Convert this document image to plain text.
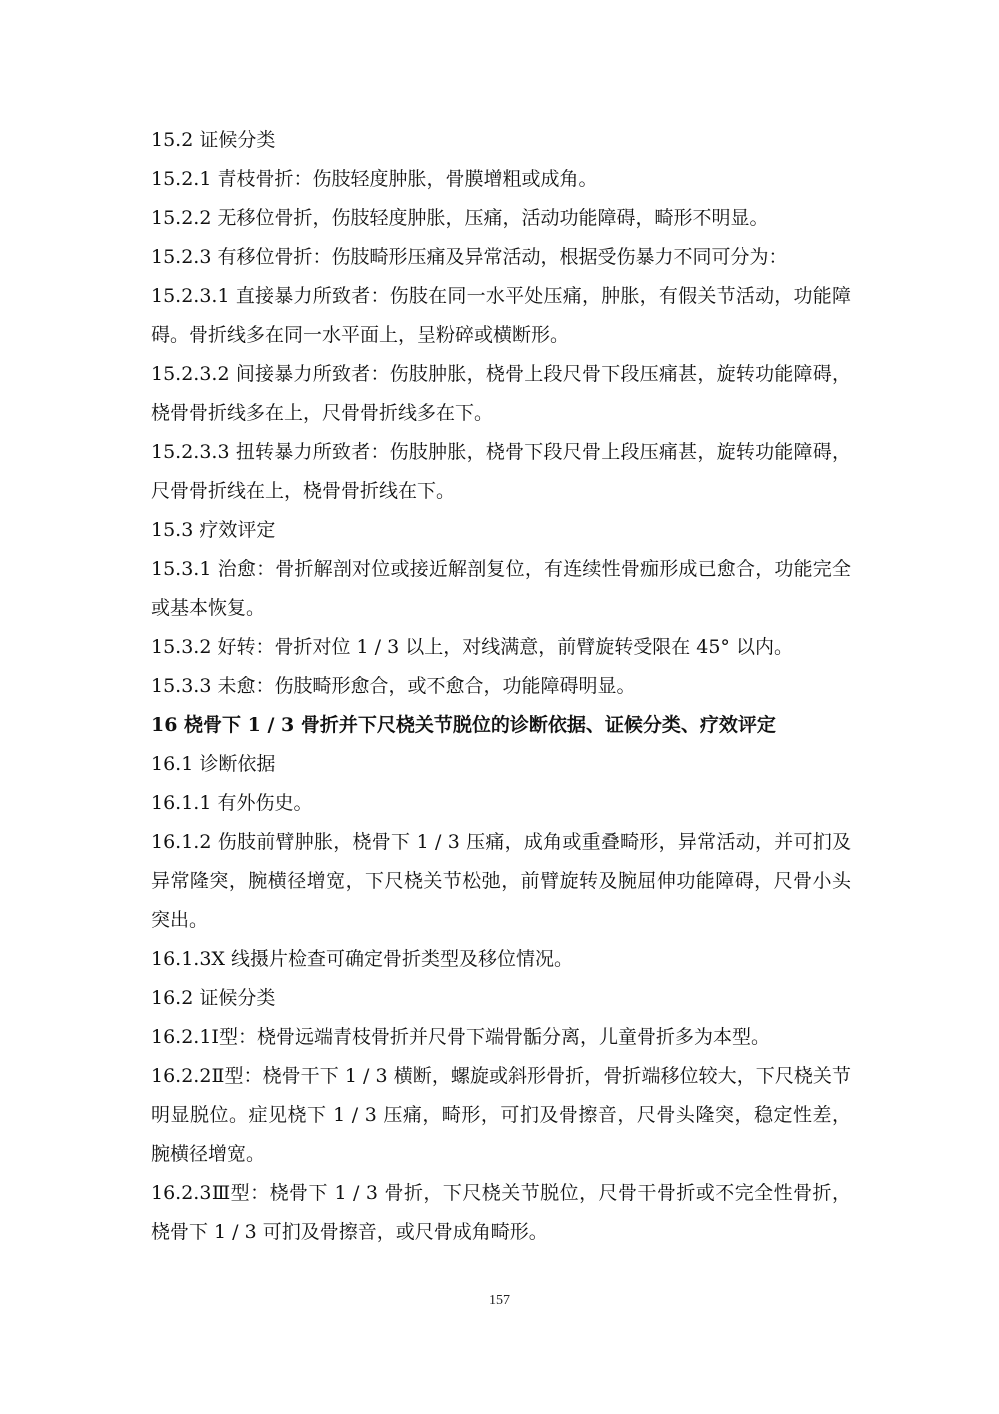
15.2 证候分类

15.2.1 青枝骨折：伤肢轻度肿胀，骨膜增粗或成角。

15.2.2 无移位骨折，伤肢轻度肿胀，压痛，活动功能障碍，畸形不明显。

15.2.3 有移位骨折：伤肢畸形压痛及异常活动，根据受伤暴力不同可分为：

15.2.3.1 直接暴力所致者：伤肢在同一水平处压痛，肿胀，有假关节活动，功能障碍。骨折线多在同一水平面上，呈粉碎或横断形。

15.2.3.2 间接暴力所致者：伤肢肿胀，桡骨上段尺骨下段压痛甚，旋转功能障碍，桡骨骨折线多在上，尺骨骨折线多在下。

15.2.3.3 扭转暴力所致者：伤肢肿胀，桡骨下段尺骨上段压痛甚，旋转功能障碍，尺骨骨折线在上，桡骨骨折线在下。

15.3 疗效评定

15.3.1 治愈：骨折解剖对位或接近解剖复位，有连续性骨痂形成已愈合，功能完全或基本恢复。

15.3.2 好转：骨折对位 1 / 3 以上，对线满意，前臂旋转受限在 45° 以内。

15.3.3 未愈：伤肢畸形愈合，或不愈合，功能障碍明显。

16 桡骨下 1 / 3 骨折并下尺桡关节脱位的诊断依据、证候分类、疗效评定

16.1 诊断依据

16.1.1 有外伤史。

16.1.2 伤肢前臂肿胀，桡骨下 1 / 3 压痛，成角或重叠畸形，异常活动，并可扪及异常隆突，腕横径增宽，下尺桡关节松弛，前臂旋转及腕屈伸功能障碍，尺骨小头突出。

16.1.3X 线摄片检查可确定骨折类型及移位情况。

16.2 证候分类

16.2.1Ⅰ型：桡骨远端青枝骨折并尺骨下端骨骺分离，儿童骨折多为本型。

16.2.2Ⅱ型：桡骨干下 1 / 3 横断，螺旋或斜形骨折，骨折端移位较大，下尺桡关节明显脱位。症见桡下 1 / 3 压痛，畸形，可扪及骨擦音，尺骨头隆突，稳定性差，腕横径增宽。

16.2.3Ⅲ型：桡骨下 1 / 3 骨折，下尺桡关节脱位，尺骨干骨折或不完全性骨折，桡骨下 1 / 3 可扪及骨擦音，或尺骨成角畸形。

157
